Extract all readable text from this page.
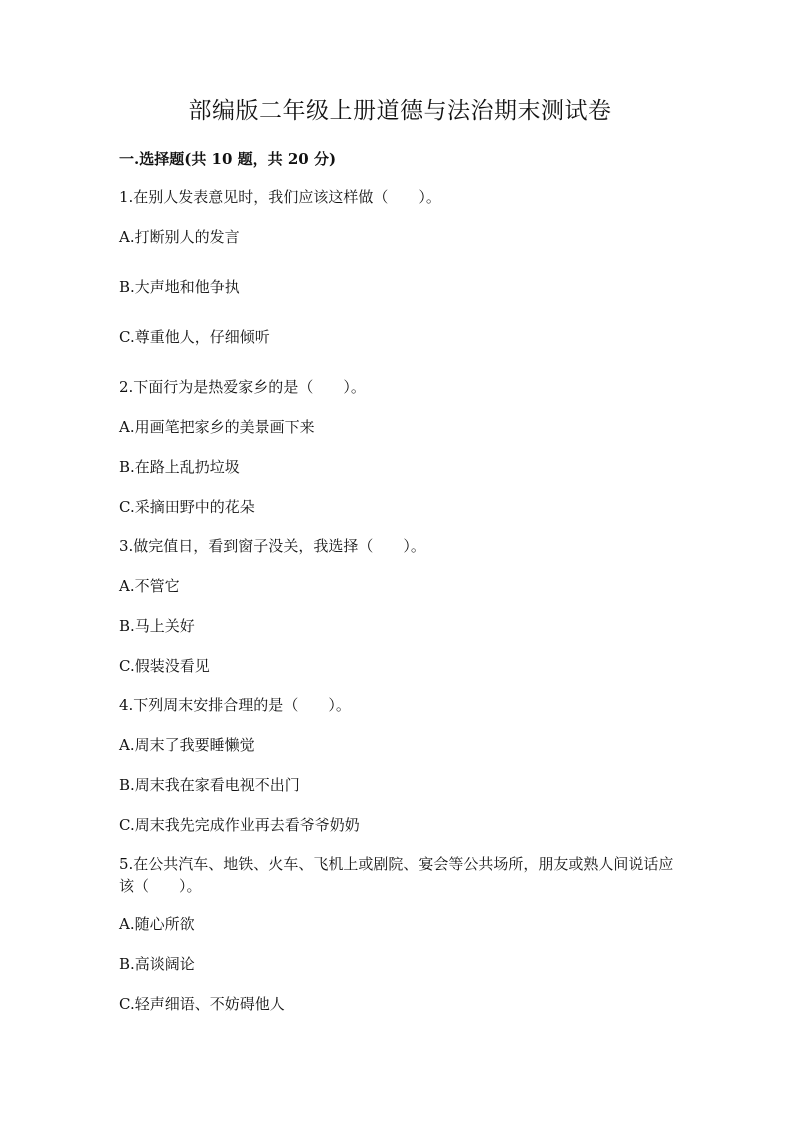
部编版二年级上册道德与法治期末测试卷
一.选择题(共 10 题，共 20 分)
1.在别人发表意见时，我们应该这样做（　　）。
A.打断别人的发言
B.大声地和他争执
C.尊重他人，仔细倾听
2.下面行为是热爱家乡的是（　　）。
A.用画笔把家乡的美景画下来
B.在路上乱扔垃圾
C.采摘田野中的花朵
3.做完值日，看到窗子没关，我选择（　　）。
A.不管它
B.马上关好
C.假装没看见
4.下列周末安排合理的是（　　）。
A.周末了我要睡懒觉
B.周末我在家看电视不出门
C.周末我先完成作业再去看爷爷奶奶
5.在公共汽车、地铁、火车、飞机上或剧院、宴会等公共场所，朋友或熟人间说话应该（　　）。
A.随心所欲
B.高谈阔论
C.轻声细语、不妨碍他人
